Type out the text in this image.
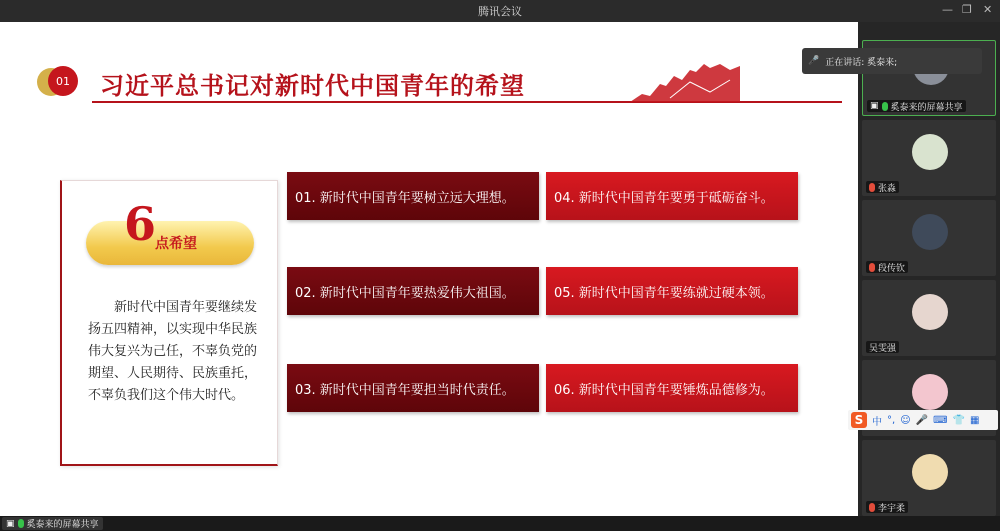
腾讯会议	— ❐ ✕
01	习近平总书记对新时代中国青年的希望
6
点希望
新时代中国青年要继续发扬五四精神，以实现中华民族伟大复兴为己任，不辜负党的期望、人民期待、民族重托，不辜负我们这个伟大时代。
01. 新时代中国青年要树立远大理想。
02. 新时代中国青年要热爱伟大祖国。
03. 新时代中国青年要担当时代责任。
04. 新时代中国青年要勇于砥砺奋斗。
05. 新时代中国青年要练就过硬本领。
06. 新时代中国青年要锤炼品德修为。
▣ 奚泰来的屏幕共享
张淼
段传钦
吴雯强
李宇柔
🎤 正在讲话: 奚泰来;
S 中 °, ☺ 🎤 ⌨ 👕 ▦
▣ 奚泰来的屏幕共享
